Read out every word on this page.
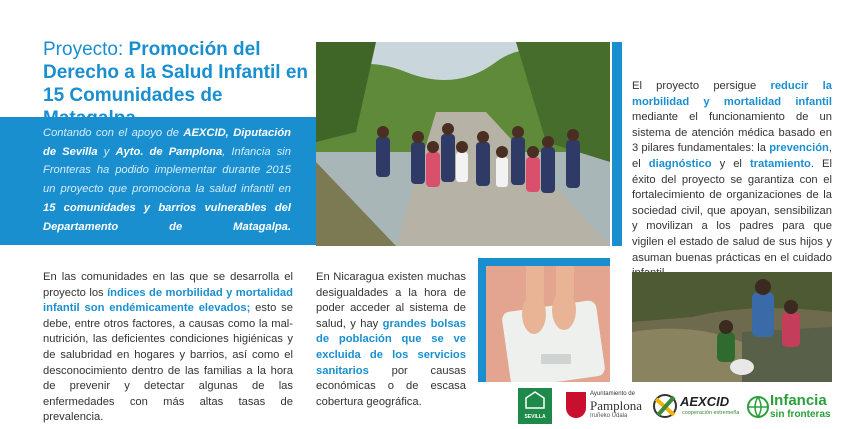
Proyecto: Promoción del Derecho a la Salud Infantil en 15 Comunidades de

Contando con el apoyo de AEXCID, Diputación de Sevilla y Ayto. de Pamplona, Infancia sin Fronteras ha podido implementar durante 2015 un proyecto que promociona la salud infantil en 15 comunidades y barrios vulnerables del Departamento de Matagalpa.

El proyecto persigue reducir la morbilidad y mortalidad infantil mediante el funcionamiento de un sistema de atención médica basado en 3 pilares fundamentales: la prevención, el diagnóstico y el tratamiento. El éxito del proyecto se garantiza con el fortalecimiento de organizaciones de la sociedad civil, que apoyan, sensibilizan y movilizan a los padres para que vigilen el estado de salud de sus hijos y asuman buenas prácticas en el cuidado

En las comunidades en las que se desarrolla el proyecto los índices de morbilidad y mortalidad infantil son endémicamente elevados; esto se debe, entre otros factores, a causas como la mal-nutrición, las deficientes condiciones higiénicas y de salubridad en hogares y barrios, así como el desconocimiento dentro de las familias a la hora de prevenir y detectar algunas de las enfermedades con más altas tasas de prevalencia.

En Nicaragua existen muchas desigualdades a la hora de poder acceder al sistema de salud, y hay grandes bolsas de población que se ve excluida de los servicios sanitarios por causas económicas o de escasa cobertura geográfica.

SEVILLA
Ayuntamiento de
Pamplona
Iruñeko Udala
AEXCID
cooperación extremeña
Infancia
sin fronteras
